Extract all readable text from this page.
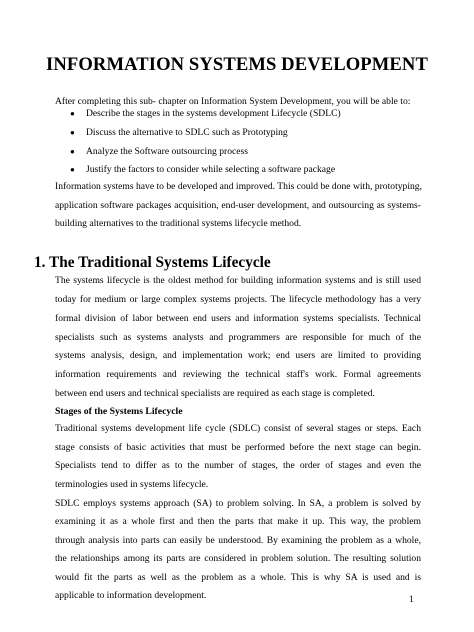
INFORMATION SYSTEMS DEVELOPMENT
After completing this sub- chapter on Information System Development, you will be able to:
● Describe the stages in the systems development Lifecycle (SDLC)
● Discuss the alternative to SDLC such as Prototyping
● Analyze the Software outsourcing process
● Justify the factors to consider while selecting a software package
Information systems have to be developed and improved. This could be done with, prototyping,
application software packages acquisition, end-user development, and outsourcing as systems-
building alternatives to the traditional systems lifecycle method.
1. The Traditional Systems Lifecycle
The systems lifecycle is the oldest method for building information systems and is still used
today for medium or large complex systems projects. The lifecycle methodology has a very
formal division of labor between end users and information systems specialists. Technical
specialists such as systems analysts and programmers are responsible for much of the
systems analysis, design, and implementation work; end users are limited to providing
information requirements and reviewing the technical staff's work. Formal agreements
between end users and technical specialists are required as each stage is completed.
Stages of the Systems Lifecycle
Traditional systems development life cycle (SDLC) consist of several stages or steps. Each
stage consists of basic activities that must be performed before the next stage can begin.
Specialists tend to differ as to the number of stages, the order of stages and even the
terminologies used in systems lifecycle.
SDLC employs systems approach (SA) to problem solving. In SA, a problem is solved by
examining it as a whole first and then the parts that make it up. This way, the problem
through analysis into parts can easily be understood. By examining the problem as a whole,
the relationships among its parts are considered in problem solution. The resulting solution
would fit the parts as well as the problem as a whole. This is why SA is used and is
applicable to information development.	1
